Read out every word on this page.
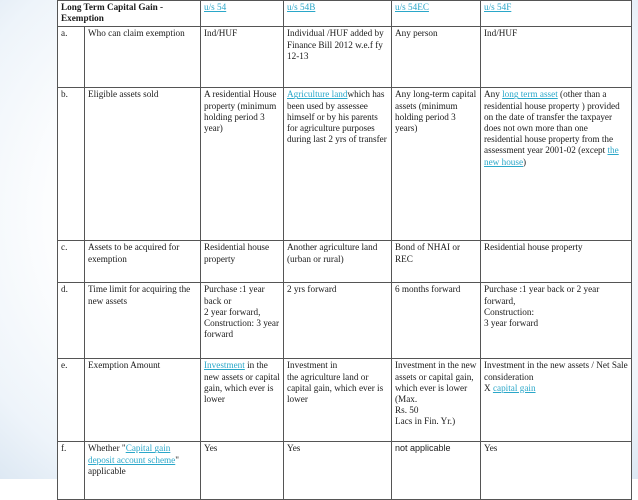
Long Term Capital Gain - Exemption		u/s 54	u/s 54B	u/s 54EC	u/s 54F
a.	Who can claim exemption	Ind/HUF	Individual /HUF added by Finance Bill 2012 w.e.f fy 12-13	Any person	Ind/HUF
b.	Eligible assets sold	A residential House property (minimum holding period 3 year)	Agriculture landwhich has been used by assessee himself or by his parents for agriculture purposes during last 2 yrs of transfer	Any long-term capital assets (minimum holding period 3 years)	Any long term asset (other than a residential house property ) provided on the date of transfer the taxpayer does not own more than one residential house property from the assessment year 2001-02 (except the new house)
c.	Assets to be acquired for exemption	Residential house property	Another agriculture land (urban or rural)	Bond of NHAI or REC	Residential house property
d.	Time limit for acquiring the new assets	Purchase :1 year back or
2 year forward,
Construction: 3 year forward	2 yrs forward	6 months forward	Purchase :1 year back or 2 year forward,
Construction:
3 year forward
e.	Exemption Amount	Investment in the new assets or capital gain, which ever is lower	Investment in
the agriculture land or capital gain, which ever is lower	Investment in the new assets or capital gain, which ever is lower (Max.
Rs. 50
Lacs in Fin. Yr.)	Investment in the new assets / Net Sale consideration
X capital gain
f.	Whether "Capital gain deposit account scheme" applicable	Yes	Yes	not applicable	Yes
